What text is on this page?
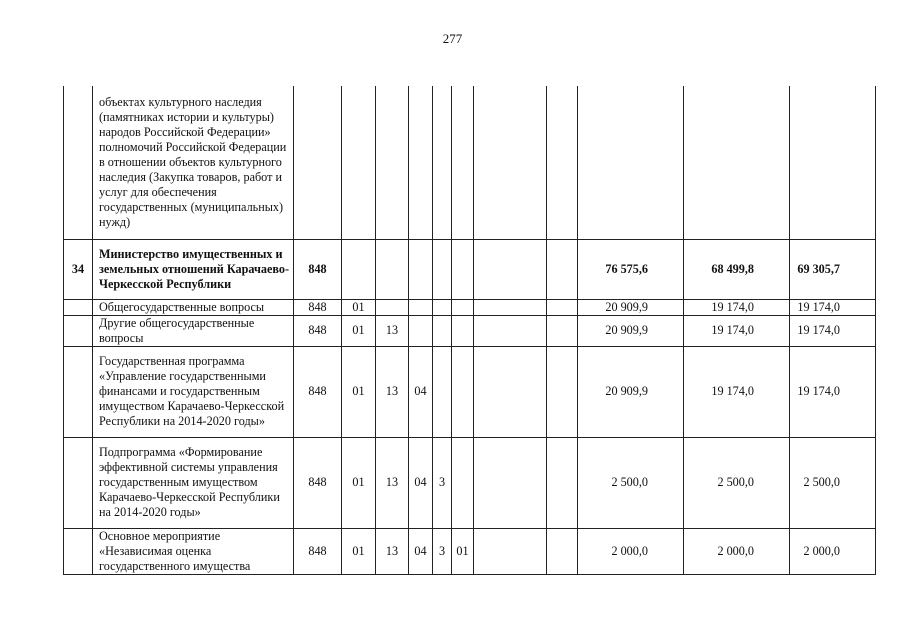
277
	объектах культурного наследия (памятниках истории и культуры) народов Российской Федерации» полномочий Российской Федерации в отношении объектов культурного наследия (Закупка товаров, работ и услуг для обеспечения государственных (муниципальных) нужд)											
34	Министерство имущественных и земельных отношений Карачаево-Черкесской Республики	848								76 575,6	68 499,8	69 305,7
	Общегосударственные вопросы	848	01							20 909,9	19 174,0	19 174,0
	Другие общегосударственные вопросы	848	01	13						20 909,9	19 174,0	19 174,0
	Государственная программа «Управление государственными финансами и государственным имуществом Карачаево-Черкесской Республики на 2014-2020 годы»	848	01	13	04					20 909,9	19 174,0	19 174,0
	Подпрограмма «Формирование эффективной системы управления государственным имуществом Карачаево-Черкесской Республики на 2014-2020 годы»	848	01	13	04	3				2 500,0	2 500,0	2 500,0
	Основное мероприятие «Независимая оценка государственного имущества	848	01	13	04	3	01			2 000,0	2 000,0	2 000,0
